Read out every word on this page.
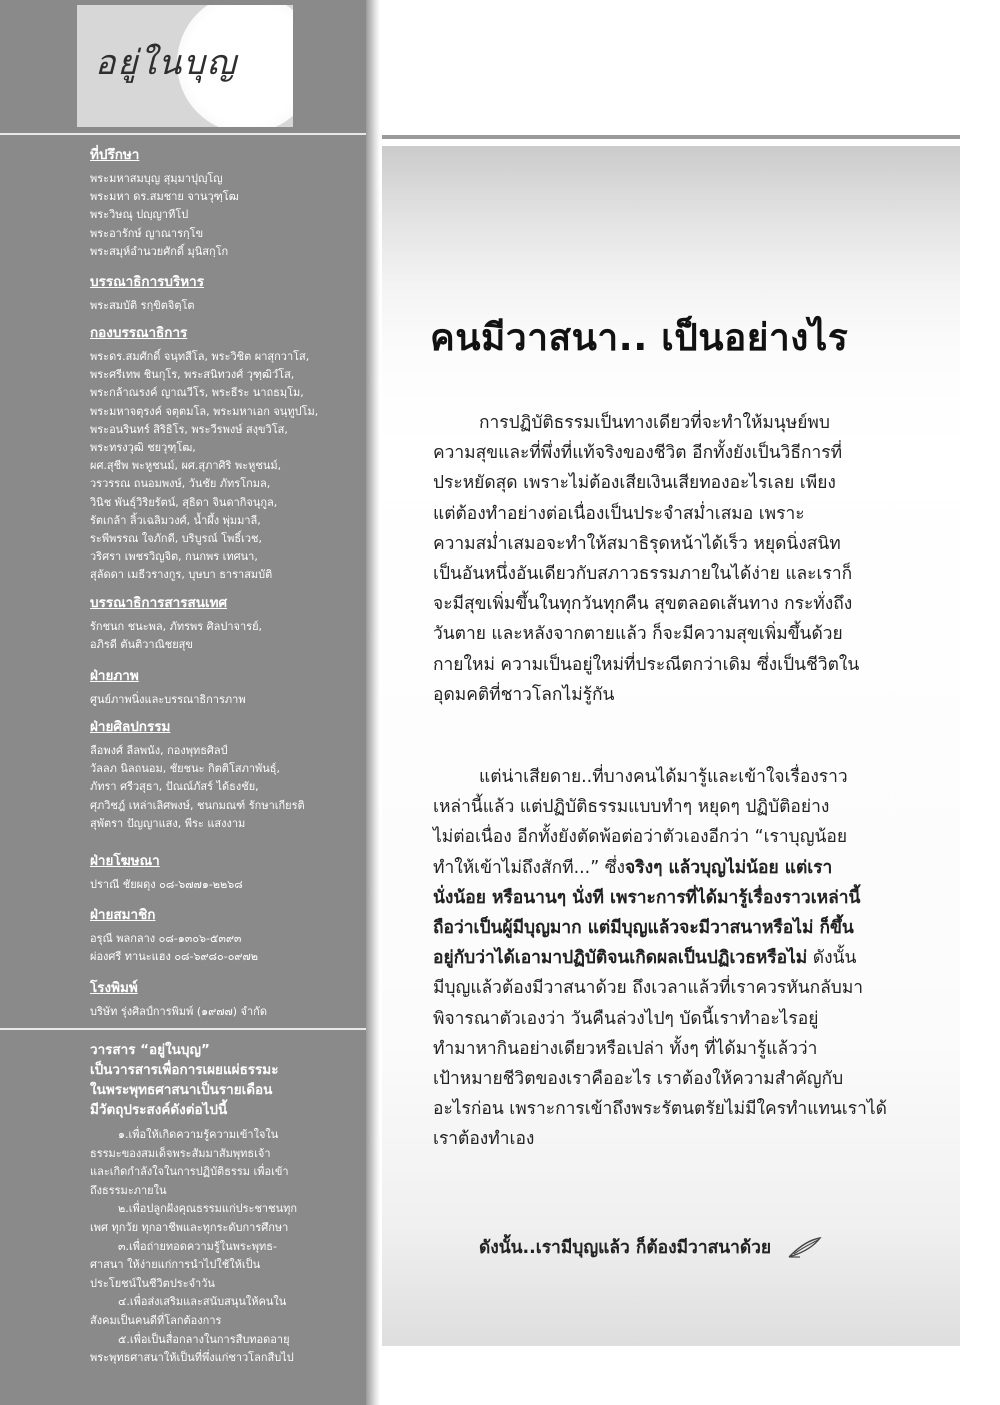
อยู่ในบุญ
ที่ปรึกษา
พระมหาสมบุญ สุมฺมาปุญฺโญ
พระมหา ดร.สมชาย จานวุฑฺโฒ
พระวิษณุ ปญฺญาทีโป
พระอารักษ์ ญาณารกฺโข
พระสมุห์อำนวยศักดิ์ มุนิสกฺโก
บรรณาธิการบริหาร
พระสมบัติ รกฺขิตจิตฺโต
กองบรรณาธิการ
พระดร.สมศักดิ์ จนฺทสีโล, พระวิชิต ผาสุกวาโส,
พระศรีเทพ ชินกุโร, พระสนิทวงศ์ วุฑฺฒิวํโส,
พระกล้าณรงค์ ญาณวีโร, พระธีระ นาถธมฺโม,
พระมหาจตุรงค์ จตุตมโล, พระมหาเอก จนฺทูปโม,
พระอนรินทร์ สิริธิโร, พระวีรพงษ์ สงฺขวิโส,
พระทรงวุฒิ ชยวุฑฺโฒ,
ผศ.สุชีพ พะหูชนม์, ผศ.สุภาศิริ พะหูชนม์,
วรวรรณ ถนอมพงษ์, วันชัย ภัทรโกมล,
วินิช พันธุ์วิริยรัตน์, สุธิดา จินดากิจนุกูล,
รัตเกล้า ลิ้วเฉลิมวงศ์, น้ำผึ้ง พุ่มมาลี,
ระพีพรรณ ใจภักดี, บริบูรณ์ โพธิ์เวช,
วริศรา เพชรวิญจิต, กนกพร เทศนา,
สุลัดดา เมธีวรางกูร, บุษบา ธาราสมบัติ
บรรณาธิการสารสนเทศ
รักชนก ชนะพล, ภัทรพร ศิลปาจารย์,
อภิรดี ตันติวาณิชยสุข
ฝ่ายภาพ
ศูนย์ภาพนิ่งและบรรณาธิการภาพ
ฝ่ายศิลปกรรม
ลือพงศ์ ลีลพนัง, กองพุทธศิลป์
วัลลภ นิลถนอม, ชัยชนะ กิตติโสภาพันธุ์,
ภัทรา ศรีวสุธา, ปัณณ์ภัสร์ ได้ธงชัย,
ศุภวิชฎ์ เหล่าเลิศพงษ์, ชนกมณฑ์ รักษาเกียรติ
สุพัตรา ปัญญาแสง, พีระ แสงงาม
ฝ่ายโฆษณา
ปราณี ชัยผดุง ๐๘-๖๗๗๑-๒๒๖๘
ฝ่ายสมาชิก
อรุณี พลกลาง ๐๘-๑๓๐๖-๕๓๙๓
ผ่องศรี ทานะแฮง ๐๘-๖๙๘๐-๐๙๗๒
โรงพิมพ์
บริษัท รุ่งศิลป์การพิมพ์ (๑๙๗๗) จำกัด
วารสาร “อยู่ในบุญ”
เป็นวารสารเพื่อการเผยแผ่ธรรมะ
ในพระพุทธศาสนาเป็นรายเดือน
มีวัตถุประสงค์ดังต่อไปนี้
๑.เพื่อให้เกิดความรู้ความเข้าใจใน
ธรรมะของสมเด็จพระสัมมาสัมพุทธเจ้า
และเกิดกำลังใจในการปฏิบัติธรรม เพื่อเข้า
ถึงธรรมะภายใน
๒.เพื่อปลูกฝังคุณธรรมแก่ประชาชนทุก
เพศ ทุกวัย ทุกอาชีพและทุกระดับการศึกษา
๓.เพื่อถ่ายทอดความรู้ในพระพุทธ-
ศาสนา ให้ง่ายแก่การนำไปใช้ให้เป็น
ประโยชน์ในชีวิตประจำวัน
๔.เพื่อส่งเสริมและสนับสนุนให้คนใน
สังคมเป็นคนดีที่โลกต้องการ
๕.เพื่อเป็นสื่อกลางในการสืบทอดอายุ
พระพุทธศาสนาให้เป็นที่พึ่งแก่ชาวโลกสืบไป
คนมีวาสนา.. เป็นอย่างไร
การปฏิบัติธรรมเป็นทางเดียวที่จะทำให้มนุษย์พบ
ความสุขและที่พึ่งที่แท้จริงของชีวิต อีกทั้งยังเป็นวิธีการที่
ประหยัดสุด เพราะไม่ต้องเสียเงินเสียทองอะไรเลย เพียง
แต่ต้องทำอย่างต่อเนื่องเป็นประจำสม่ำเสมอ เพราะ
ความสม่ำเสมอจะทำให้สมาธิรุดหน้าได้เร็ว หยุดนิ่งสนิท
เป็นอันหนึ่งอันเดียวกับสภาวธรรมภายในได้ง่าย และเราก็
จะมีสุขเพิ่มขึ้นในทุกวันทุกคืน สุขตลอดเส้นทาง กระทั่งถึง
วันตาย และหลังจากตายแล้ว ก็จะมีความสุขเพิ่มขึ้นด้วย
กายใหม่ ความเป็นอยู่ใหม่ที่ประณีตกว่าเดิม ซึ่งเป็นชีวิตใน
อุดมคติที่ชาวโลกไม่รู้กัน
แต่น่าเสียดาย..ที่บางคนได้มารู้และเข้าใจเรื่องราว
เหล่านี้แล้ว แต่ปฏิบัติธรรมแบบทำๆ หยุดๆ ปฏิบัติอย่าง
ไม่ต่อเนื่อง อีกทั้งยังตัดพ้อต่อว่าตัวเองอีกว่า “เราบุญน้อย
ทำให้เข้าไม่ถึงสักที...” ซึ่งจริงๆ แล้วบุญไม่น้อย แต่เรา
นั่งน้อย หรือนานๆ นั่งที เพราะการที่ได้มารู้เรื่องราวเหล่านี้
ถือว่าเป็นผู้มีบุญมาก แต่มีบุญแล้วจะมีวาสนาหรือไม่ ก็ขึ้น
อยู่กับว่าได้เอามาปฏิบัติจนเกิดผลเป็นปฏิเวธหรือไม่ ดังนั้น
มีบุญแล้วต้องมีวาสนาด้วย ถึงเวลาแล้วที่เราควรหันกลับมา
พิจารณาตัวเองว่า วันคืนล่วงไปๆ บัดนี้เราทำอะไรอยู่
ทำมาหากินอย่างเดียวหรือเปล่า ทั้งๆ ที่ได้มารู้แล้วว่า
เป้าหมายชีวิตของเราคืออะไร เราต้องให้ความสำคัญกับ
อะไรก่อน เพราะการเข้าถึงพระรัตนตรัยไม่มีใครทำแทนเราได้
เราต้องทำเอง
ดังนั้น..เรามีบุญแล้ว ก็ต้องมีวาสนาด้วย
